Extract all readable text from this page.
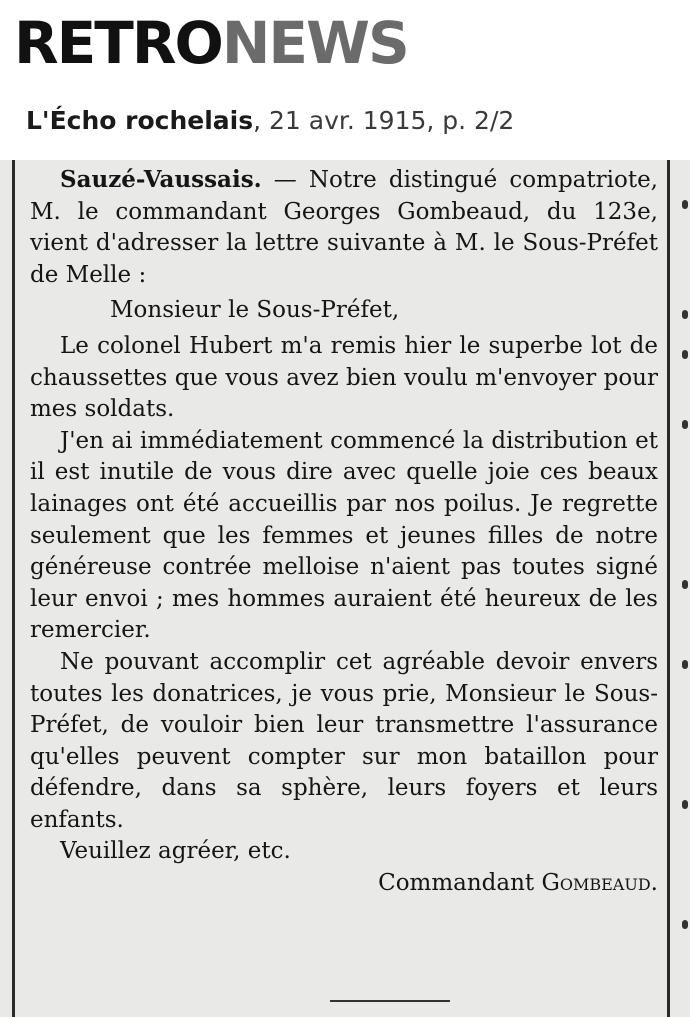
RETRONEWS
L'Écho rochelais, 21 avr. 1915, p. 2/2

Sauzé-Vaussais. — Notre distingué compatriote, M. le commandant Georges Gombeaud, du 123e, vient d'adresser la lettre suivante à M. le Sous-Préfet de Melle :

Monsieur le Sous-Préfet,

Le colonel Hubert m'a remis hier le superbe lot de chaussettes que vous avez bien voulu m'envoyer pour mes soldats.

J'en ai immédiatement commencé la distribution et il est inutile de vous dire avec quelle joie ces beaux lainages ont été accueillis par nos poilus. Je regrette seulement que les femmes et jeunes filles de notre généreuse contrée melloise n'aient pas toutes signé leur envoi ; mes hommes auraient été heureux de les remercier.

Ne pouvant accomplir cet agréable devoir envers toutes les donatrices, je vous prie, Monsieur le Sous-Préfet, de vouloir bien leur transmettre l'assurance qu'elles peuvent compter sur mon bataillon pour défendre, dans sa sphère, leurs foyers et leurs enfants.

Veuillez agréer, etc.

Commandant Gombeaud.
